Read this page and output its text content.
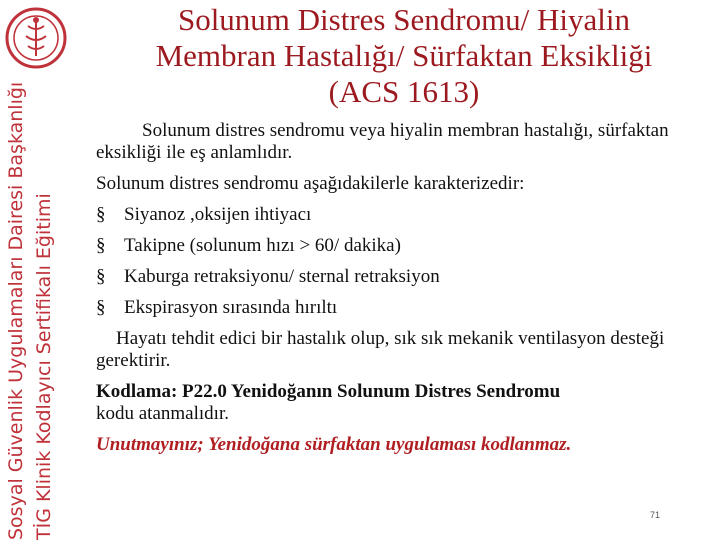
Sosyal Güvenlik Uygulamaları Dairesi Başkanlığı TİG Klinik Kodlayıcı Sertifikalı Eğitimi
Solunum Distres Sendromu/ Hiyalin
Membran Hastalığı/ Sürfaktan Eksikliği
(ACS 1613)

Solunum distres sendromu veya hiyalin membran hastalığı, sürfaktan eksikliği ile eş anlamlıdır.

Solunum distres sendromu aşağıdakilerle karakterizedir:

§ Siyanoz ,oksijen ihtiyacı
§ Takipne (solunum hızı > 60/ dakika)
§ Kaburga retraksiyonu/ sternal retraksiyon
§ Ekspirasyon sırasında hırıltı

Hayatı tehdit edici bir hastalık olup, sık sık mekanik ventilasyon desteği gerektirir.

Kodlama: P22.0 Yenidoğanın Solunum Distres Sendromu

kodu atanmalıdır.

Unutmayınız; Yenidoğana sürfaktan uygulaması kodlanmaz.

71
